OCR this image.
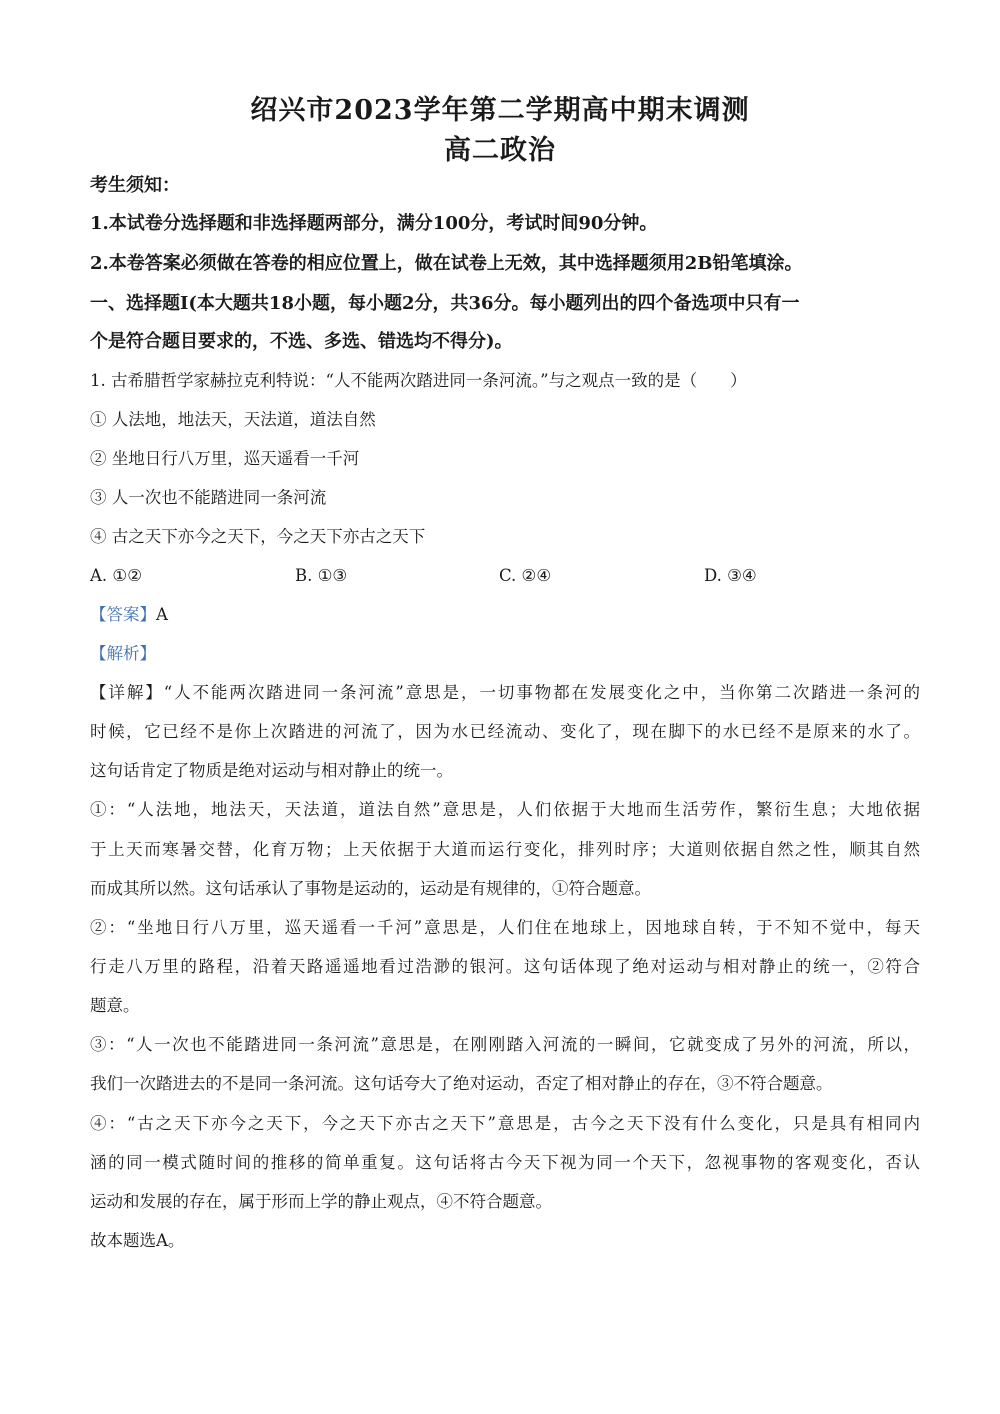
绍兴市2023学年第二学期高中期末调测
高二政治
考生须知：
1.本试卷分选择题和非选择题两部分，满分100分，考试时间90分钟。
2.本卷答案必须做在答卷的相应位置上，做在试卷上无效，其中选择题须用2B铅笔填涂。
一、选择题Ⅰ(本大题共18小题，每小题2分，共36分。每小题列出的四个备选项中只有一
个是符合题目要求的，不选、多选、错选均不得分)。
1. 古希腊哲学家赫拉克利特说：“人不能两次踏进同一条河流。”与之观点一致的是（　　）
① 人法地，地法天，天法道，道法自然
② 坐地日行八万里，巡天遥看一千河
③ 人一次也不能踏进同一条河流
④ 古之天下亦今之天下，今之天下亦古之天下
A. ①②	B. ①③	C. ②④	D. ③④
【答案】A
【解析】
【详解】“人不能两次踏进同一条河流”意思是，一切事物都在发展变化之中，当你第二次踏进一条河的
时候，它已经不是你上次踏进的河流了，因为水已经流动、变化了，现在脚下的水已经不是原来的水了。
这句话肯定了物质是绝对运动与相对静止的统一。
①：“人法地，地法天，天法道，道法自然”意思是，人们依据于大地而生活劳作，繁衍生息；大地依据
于上天而寒暑交替，化育万物；上天依据于大道而运行变化，排列时序；大道则依据自然之性，顺其自然
而成其所以然。这句话承认了事物是运动的，运动是有规律的，①符合题意。
②：“坐地日行八万里，巡天遥看一千河”意思是，人们住在地球上，因地球自转，于不知不觉中，每天
行走八万里的路程，沿着天路遥遥地看过浩渺的银河。这句话体现了绝对运动与相对静止的统一，②符合
题意。
③：“人一次也不能踏进同一条河流”意思是，在刚刚踏入河流的一瞬间，它就变成了另外的河流，所以，
我们一次踏进去的不是同一条河流。这句话夸大了绝对运动，否定了相对静止的存在，③不符合题意。
④：“古之天下亦今之天下，今之天下亦古之天下”意思是，古今之天下没有什么变化，只是具有相同内
涵的同一模式随时间的推移的简单重复。这句话将古今天下视为同一个天下，忽视事物的客观变化，否认
运动和发展的存在，属于形而上学的静止观点，④不符合题意。
故本题选A。
